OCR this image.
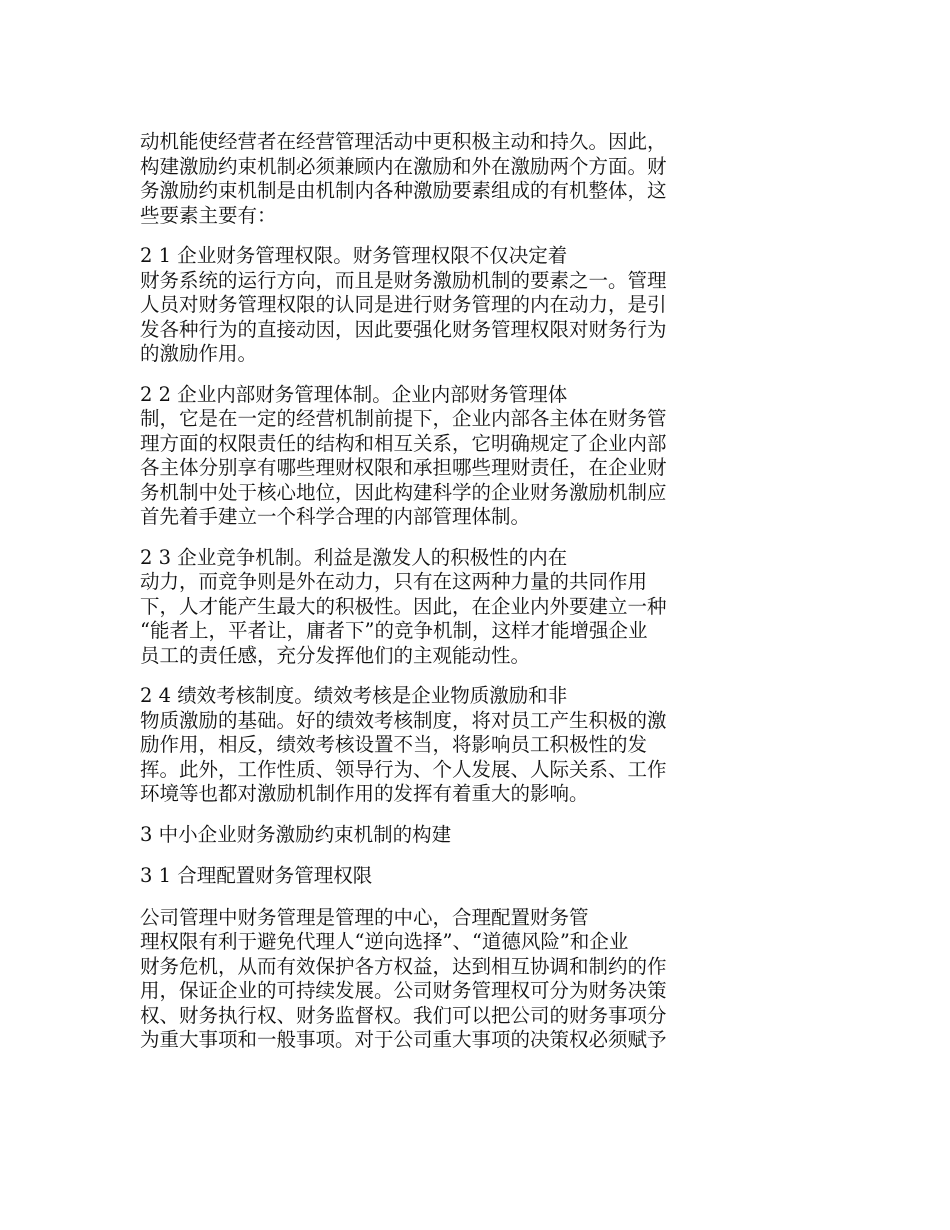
动机能使经营者在经营管理活动中更积极主动和持久。因此，
构建激励约束机制必须兼顾内在激励和外在激励两个方面。财
务激励约束机制是由机制内各种激励要素组成的有机整体，这
些要素主要有：

2 1 企业财务管理权限。财务管理权限不仅决定着
财务系统的运行方向，而且是财务激励机制的要素之一。管理
人员对财务管理权限的认同是进行财务管理的内在动力，是引
发各种行为的直接动因，因此要强化财务管理权限对财务行为
的激励作用。

2 2 企业内部财务管理体制。企业内部财务管理体
制，它是在一定的经营机制前提下，企业内部各主体在财务管
理方面的权限责任的结构和相互关系，它明确规定了企业内部
各主体分别享有哪些理财权限和承担哪些理财责任，在企业财
务机制中处于核心地位，因此构建科学的企业财务激励机制应
首先着手建立一个科学合理的内部管理体制。

2 3 企业竞争机制。利益是激发人的积极性的内在
动力，而竞争则是外在动力，只有在这两种力量的共同作用
下，人才能产生最大的积极性。因此，在企业内外要建立一种
“能者上，平者让，庸者下”的竞争机制，这样才能增强企业
员工的责任感，充分发挥他们的主观能动性。

2 4 绩效考核制度。绩效考核是企业物质激励和非
物质激励的基础。好的绩效考核制度，将对员工产生积极的激
励作用，相反，绩效考核设置不当，将影响员工积极性的发
挥。此外，工作性质、领导行为、个人发展、人际关系、工作
环境等也都对激励机制作用的发挥有着重大的影响。

3 中小企业财务激励约束机制的构建

3 1 合理配置财务管理权限

公司管理中财务管理是管理的中心，合理配置财务管
理权限有利于避免代理人“逆向选择”、“道德风险”和企业
财务危机，从而有效保护各方权益，达到相互协调和制约的作
用，保证企业的可持续发展。公司财务管理权可分为财务决策
权、财务执行权、财务监督权。我们可以把公司的财务事项分
为重大事项和一般事项。对于公司重大事项的决策权必须赋予
